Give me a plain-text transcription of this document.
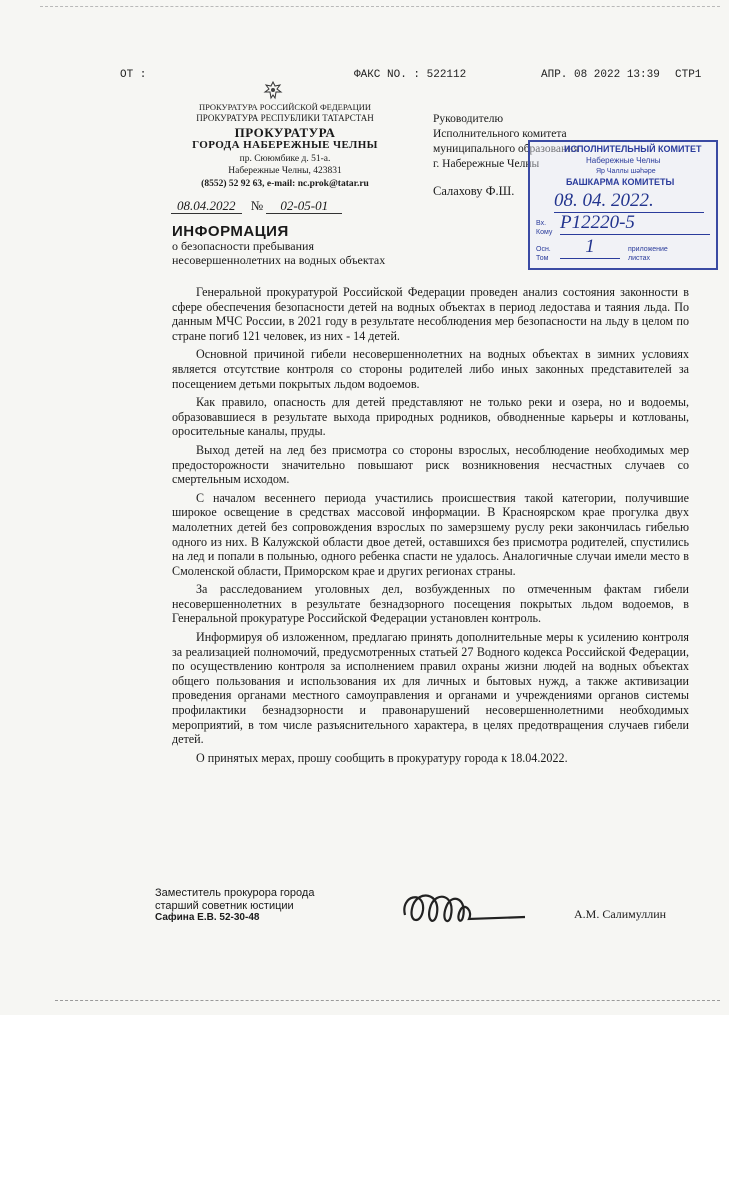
ОТ :	ФАКС NO. : 522112	АПР. 08 2022 13:39 СТР1
ПРОКУРАТУРА РОССИЙСКОЙ ФЕДЕРАЦИИ
ПРОКУРАТУРА РЕСПУБЛИКИ ТАТАРСТАН
ПРОКУРАТУРА
ГОРОДА НАБЕРЕЖНЫЕ ЧЕЛНЫ
пр. Сююмбике д. 51-а.
Набережные Челны, 423831
(8552) 52 92 63, e-mail: nc.prok@tatar.ru
08.04.2022 № 02-05-01
Руководителю
Исполнительного комитета
муниципального образования
г. Набережные Челны
Салахову Ф.Ш.
ИСПОЛНИТЕЛЬНЫЙ КОМИТЕТ
Набережные Челны
Яр Чаллы шәһәре
БАШКАРМА КОМИТЕТЫ
08. 04. 2022.
Вх.
Кому Р12220-5
Осн.
Том
1	приложение
лиcтах
ИНФОРМАЦИЯ
о безопасности пребывания
несовершеннолетних на водных объектах

Генеральной прокуратурой Российской Федерации проведен анализ состояния законности в сфере обеспечения безопасности детей на водных объектах в период ледостава и таяния льда. По данным МЧС России, в 2021 году в результате несоблюдения мер безопасности на льду в целом по стране погиб 121 человек, из них - 14 детей.

Основной причиной гибели несовершеннолетних на водных объектах в зимних условиях является отсутствие контроля со стороны родителей либо иных законных представителей за посещением детьми покрытых льдом водоемов.

Как правило, опасность для детей представляют не только реки и озера, но и водоемы, образовавшиеся в результате выхода природных родников, обводненные карьеры и котлованы, оросительные каналы, пруды.

Выход детей на лед без присмотра со стороны взрослых, несоблюдение необходимых мер предосторожности значительно повышают риск возникновения несчастных случаев со смертельным исходом.

С началом весеннего периода участились происшествия такой категории, получившие широкое освещение в средствах массовой информации. В Красноярском крае прогулка двух малолетних детей без сопровождения взрослых по замерзшему руслу реки закончилась гибелью одного из них. В Калужской области двое детей, оставшихся без присмотра родителей, спустились на лед и попали в полынью, одного ребенка спасти не удалось. Аналогичные случаи имели место в Смоленской области, Приморском крае и других регионах страны.

За расследованием уголовных дел, возбужденных по отмеченным фактам гибели несовершеннолетних в результате безнадзорного посещения покрытых льдом водоемов, в Генеральной прокуратуре Российской Федерации установлен контроль.

Информируя об изложенном, предлагаю принять дополнительные меры к усилению контроля за реализацией полномочий, предусмотренных статьей 27 Водного кодекса Российской Федерации, по осуществлению контроля за исполнением правил охраны жизни людей на водных объектах общего пользования и использования их для личных и бытовых нужд, а также активизации проведения органами местного самоуправления и органами и учреждениями органов системы профилактики безнадзорности и правонарушений несовершеннолетними необходимых мероприятий, в том числе разъяснительного характера, в целях предотвращения случаев гибели детей.

О принятых мерах, прошу сообщить в прокуратуру города к 18.04.2022.

Заместитель прокурора города
старший советник юстиции
Сафина Е.В. 52-30-48	А.М. Салимуллин
